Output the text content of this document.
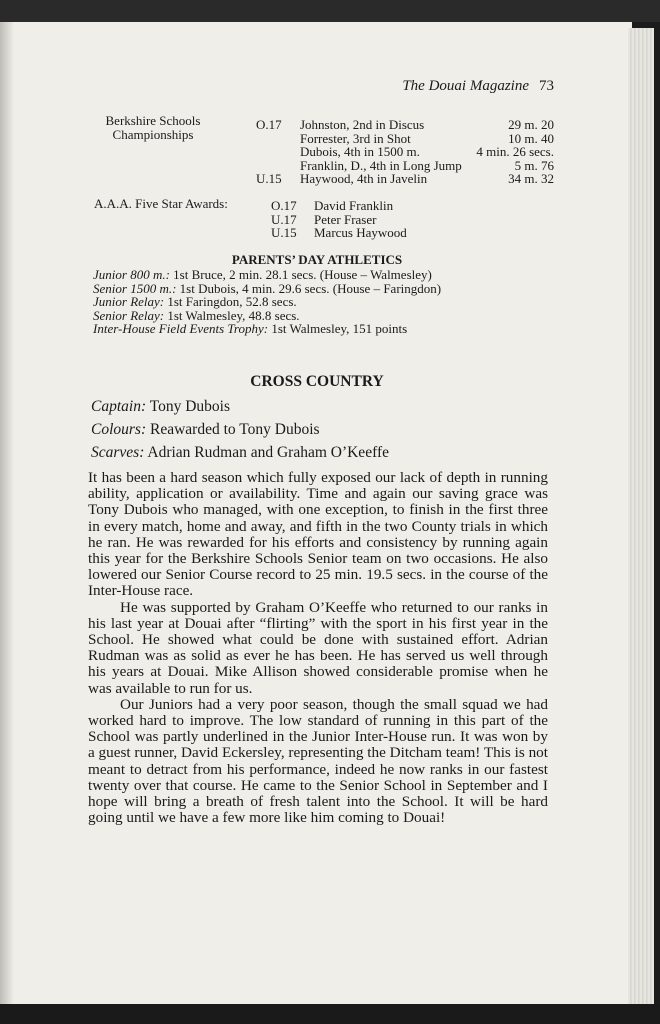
The Douai Magazine 73
Berkshire Schools
Championships
O.17 Johnston, 2nd in Discus	29 m. 20
Forrester, 3rd in Shot	10 m. 40
Dubois, 4th in 1500 m.	4 min. 26 secs.
Franklin, D., 4th in Long Jump	5 m. 76
U.15 Haywood, 4th in Javelin	34 m. 32
A.A.A. Five Star Awards:	O.17 David Franklin
U.17 Peter Fraser
U.15 Marcus Haywood
PARENTS’ DAY ATHLETICS
Junior 800 m.: 1st Bruce, 2 min. 28.1 secs. (House – Walmesley)
Senior 1500 m.: 1st Dubois, 4 min. 29.6 secs. (House – Faringdon)
Junior Relay: 1st Faringdon, 52.8 secs.
Senior Relay: 1st Walmesley, 48.8 secs.
Inter-House Field Events Trophy: 1st Walmesley, 151 points
CROSS COUNTRY
Captain: Tony Dubois
Colours: Reawarded to Tony Dubois
Scarves: Adrian Rudman and Graham O’Keeffe

It has been a hard season which fully exposed our lack of depth in running ability, application or availability. Time and again our saving grace was Tony Dubois who managed, with one exception, to finish in the first three in every match, home and away, and fifth in the two County trials in which he ran. He was rewarded for his efforts and consistency by running again this year for the Berkshire Schools Senior team on two occasions. He also lowered our Senior Course record to 25 min. 19.5 secs. in the course of the Inter-House race.

He was supported by Graham O’Keeffe who returned to our ranks in his last year at Douai after “flirting” with the sport in his first year in the School. He showed what could be done with sustained effort. Adrian Rudman was as solid as ever he has been. He has served us well through his years at Douai. Mike Allison showed considerable promise when he was available to run for us.

Our Juniors had a very poor season, though the small squad we had worked hard to improve. The low standard of running in this part of the School was partly underlined in the Junior Inter-House run. It was won by a guest runner, David Eckersley, representing the Ditcham team! This is not meant to detract from his performance, indeed he now ranks in our fastest twenty over that course. He came to the Senior School in September and I hope will bring a breath of fresh talent into the School. It will be hard going until we have a few more like him coming to Douai!
